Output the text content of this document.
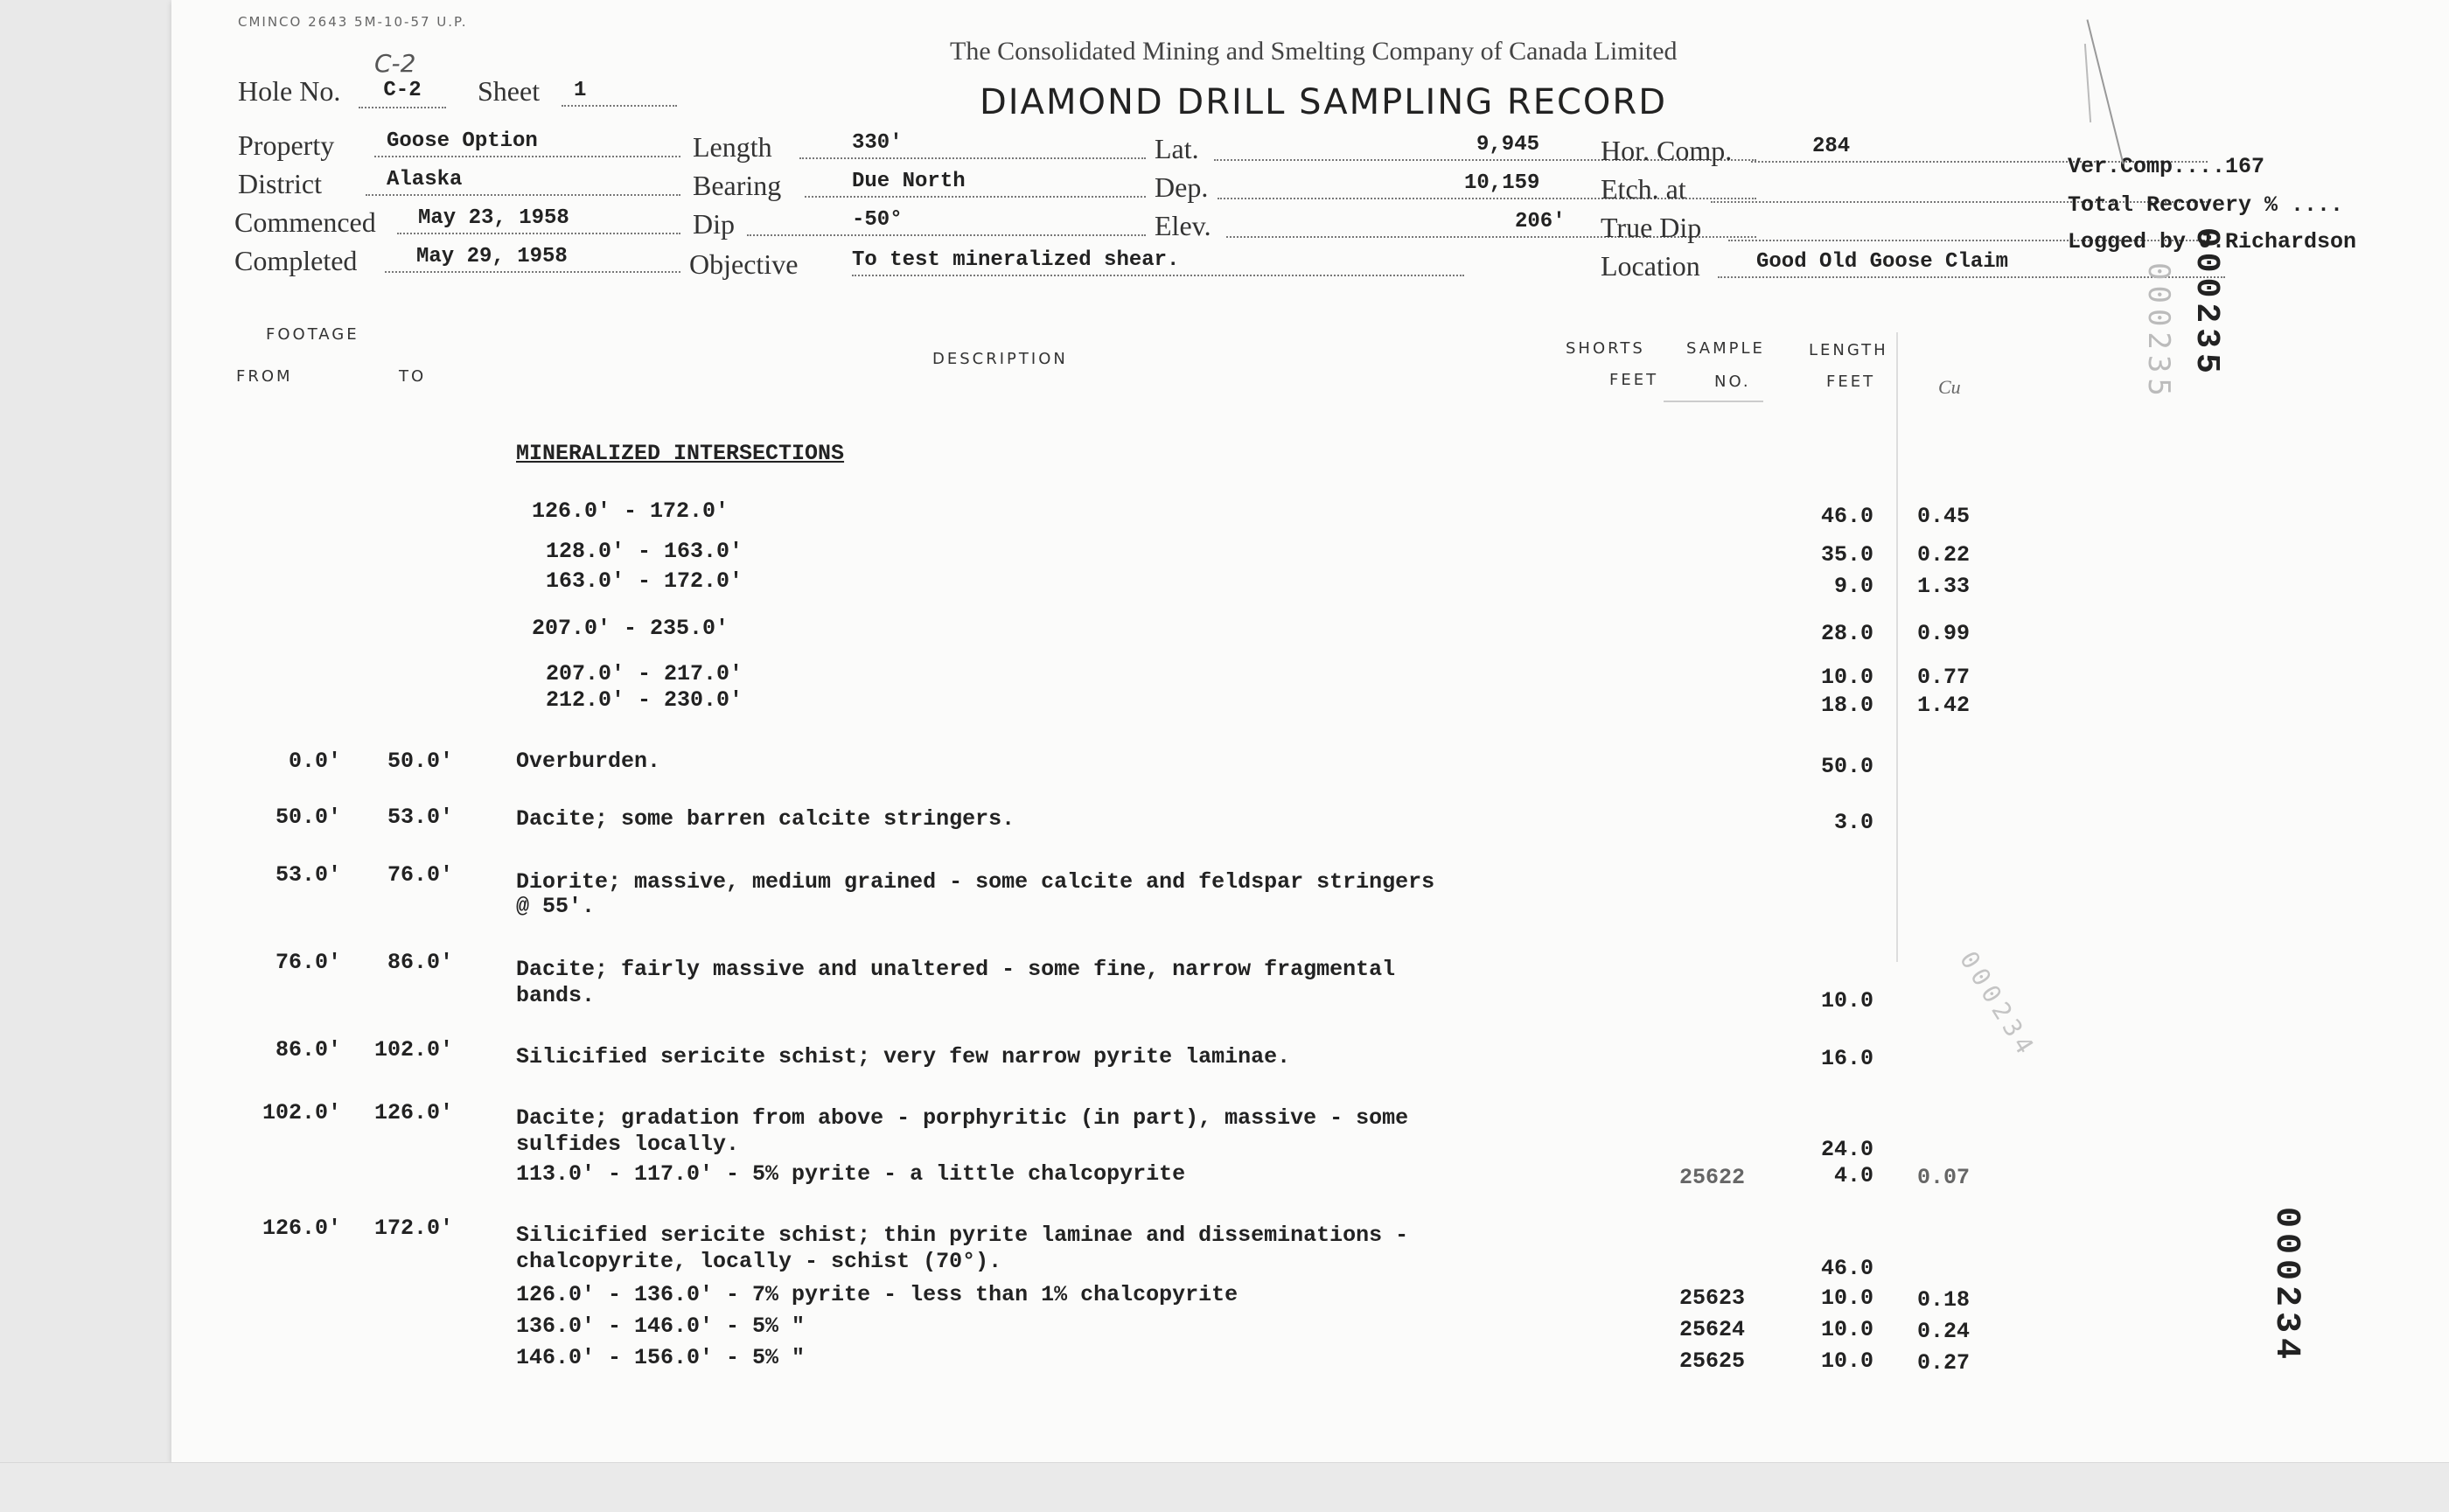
CMINCO 2643 5M-10-57 U.P.
The Consolidated Mining and Smelting Company of Canada Limited
DIAMOND DRILL SAMPLING RECORD
Hole No.
C-2
C-2	Sheet	1
Property	Goose Option
District	Alaska
Commenced	May 23, 1958
Completed	May 29, 1958
Length	330'
Bearing	Due North
Dip	-50°
Objective	To test mineralized shear.
Lat.	9,945
Dep.	10,159
Elev.	206'
Hor. Comp.	284
Etch. at
True Dip
Location	Good Old Goose Claim
Ver.Comp....167
Total Recovery % ....
Logged by J.Richardson
FOOTAGE
FROM	TO
DESCRIPTION
SHORTS
FEET
SAMPLE
NO.
LENGTH
FEET	Cu
MINERALIZED INTERSECTIONS
126.0' - 172.0'	46.0 0.45
128.0' - 163.0'	35.0 0.22
163.0' - 172.0'	9.0 1.33
207.0' - 235.0'	28.0 0.99
207.0' - 217.0'	10.0 0.77
212.0' - 230.0'	18.0 1.42
0.0'	50.0'	Overburden.	50.0
50.0'	53.0'	Dacite; some barren calcite stringers.	3.0
53.0'	76.0'	Diorite; massive, medium grained - some calcite and feldspar stringers
@ 55'.
76.0'	86.0'	Dacite; fairly massive and unaltered - some fine, narrow fragmental
bands.	10.0
86.0'	102.0'	Silicified sericite schist; very few narrow pyrite laminae.	16.0
102.0'	126.0'	Dacite; gradation from above - porphyritic (in part), massive - some
sulfides locally.	24.0
126.0'	172.0'	Silicified sericite schist; thin pyrite laminae and disseminations -
chalcopyrite, locally - schist (70°).	46.0
113.0' - 117.0' - 5% pyrite - a little chalcopyrite	25622	4.0 0.07
126.0' - 136.0' - 7% pyrite - less than 1% chalcopyrite	25623	10.0 0.18
136.0' - 146.0' - 5% "	25624	10.0 0.24
146.0' - 156.0' - 5% "	25625	10.0 0.27
000235
000235
000234
000234
